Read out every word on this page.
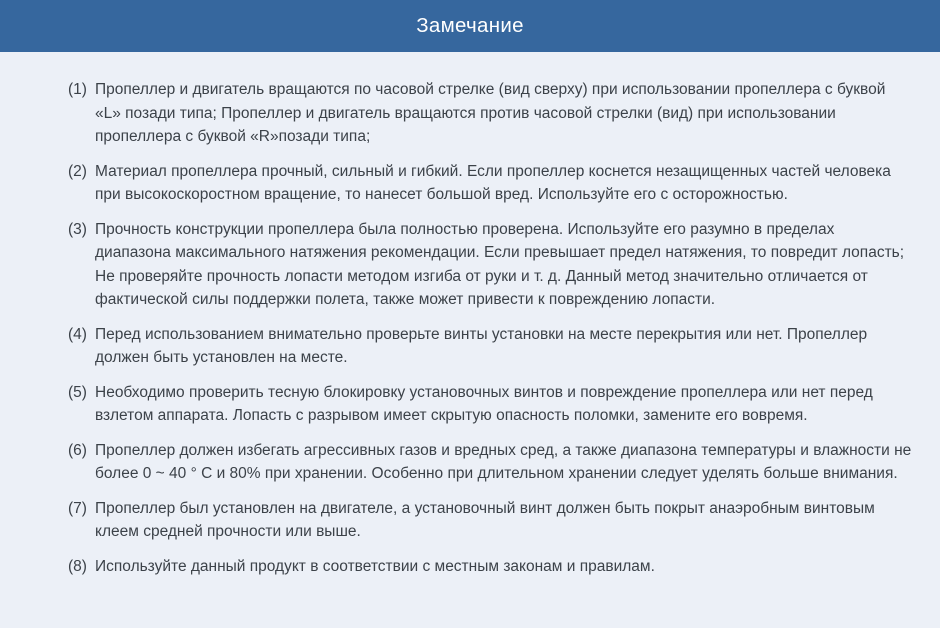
Замечание
(1) Пропеллер и двигатель вращаются по часовой стрелке (вид сверху) при использовании пропеллера с буквой «L» позади типа; Пропеллер и двигатель вращаются против часовой стрелки (вид) при использовании пропеллера с буквой «R»позади типа;

(2) Материал пропеллера прочный, сильный и гибкий. Если пропеллер коснется незащищенных частей человека при высокоскоростном вращение, то нанесет большой вред. Используйте его с осторожностью.

(3) Прочность конструкции пропеллера была полностью проверена. Используйте его разумно в пределах диапазона максимального натяжения рекомендации. Если превышает предел натяжения, то повредит лопасть; Не проверяйте прочность лопасти методом изгиба от руки и т. д. Данный метод значительно отличается от фактической силы поддержки полета, также может привести к повреждению лопасти.

(4) Перед использованием внимательно проверьте винты установки на месте перекрытия или нет. Пропеллер должен быть установлен на месте.

(5) Необходимо проверить тесную блокировку установочных винтов и повреждение пропеллера или нет перед взлетом аппарата. Лопасть с разрывом имеет скрытую опасность поломки, замените его вовремя.

(6) Пропеллер должен избегать агрессивных газов и вредных сред, а также диапазона температуры и влажности не более 0 ~ 40 ° C и 80% при хранении. Особенно при длительном хранении следует уделять больше внимания.

(7) Пропеллер был установлен на двигателе, а установочный винт должен быть покрыт анаэробным винтовым клеем средней прочности или выше.

(8) Используйте данный продукт в соответствии с местным законам и правилам.
